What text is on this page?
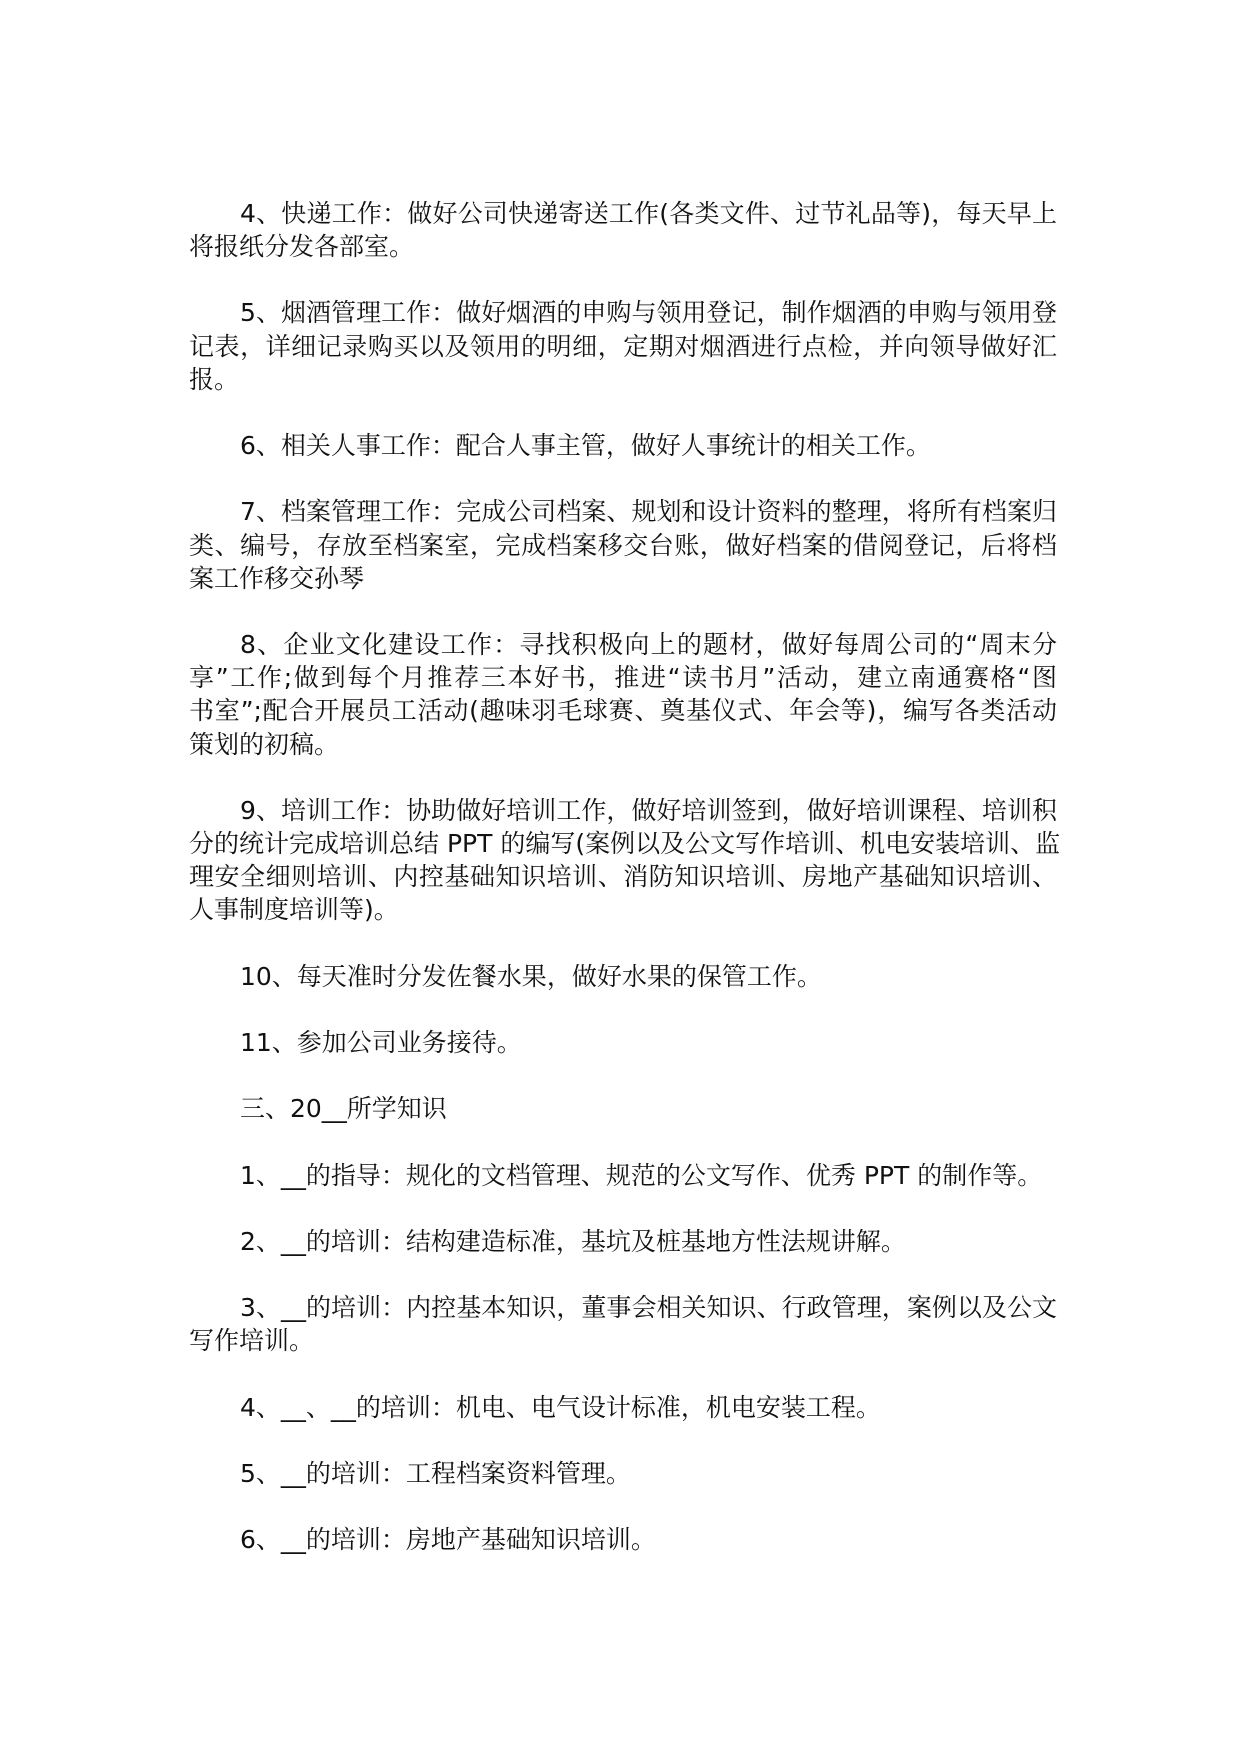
4、快递工作：做好公司快递寄送工作(各类文件、过节礼品等)，每天早上
将报纸分发各部室。
5、烟酒管理工作：做好烟酒的申购与领用登记，制作烟酒的申购与领用登
记表，详细记录购买以及领用的明细，定期对烟酒进行点检，并向领导做好汇
报。
6、相关人事工作：配合人事主管，做好人事统计的相关工作。
7、档案管理工作：完成公司档案、规划和设计资料的整理，将所有档案归
类、编号，存放至档案室，完成档案移交台账，做好档案的借阅登记，后将档
案工作移交孙琴
8、企业文化建设工作：寻找积极向上的题材，做好每周公司的“周末分
享”工作;做到每个月推荐三本好书，推进“读书月”活动，建立南通赛格“图
书室”;配合开展员工活动(趣味羽毛球赛、奠基仪式、年会等)，编写各类活动
策划的初稿。
9、培训工作：协助做好培训工作，做好培训签到，做好培训课程、培训积
分的统计完成培训总结 PPT 的编写(案例以及公文写作培训、机电安装培训、监
理安全细则培训、内控基础知识培训、消防知识培训、房地产基础知识培训、
人事制度培训等)。
10、每天准时分发佐餐水果，做好水果的保管工作。
11、参加公司业务接待。
三、20__所学知识
1、__的指导：规化的文档管理、规范的公文写作、优秀 PPT 的制作等。
2、__的培训：结构建造标准，基坑及桩基地方性法规讲解。
3、__的培训：内控基本知识，董事会相关知识、行政管理，案例以及公文
写作培训。
4、__、__的培训：机电、电气设计标准，机电安装工程。
5、__的培训：工程档案资料管理。
6、__的培训：房地产基础知识培训。
